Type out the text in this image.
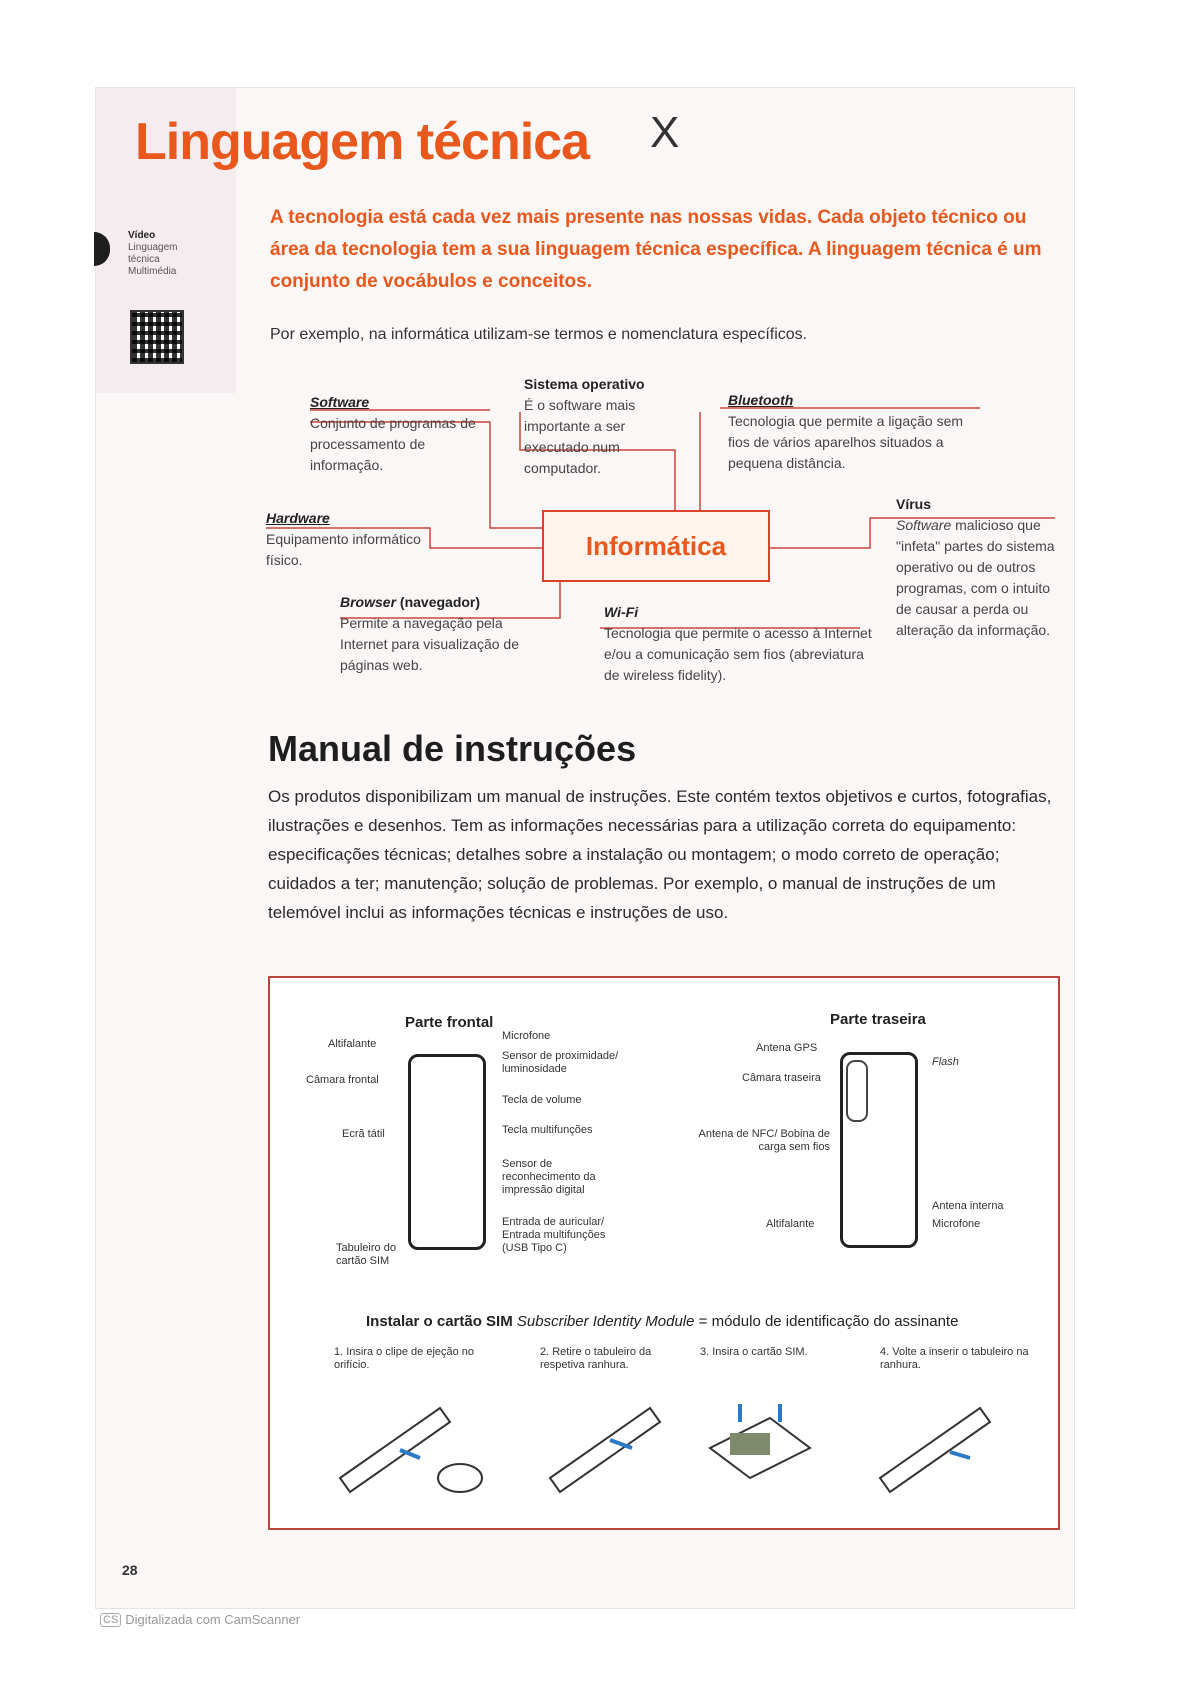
Linguagem técnica X
Vídeo
Linguagem
técnica
Multimédia
A tecnologia está cada vez mais presente nas nossas vidas. Cada objeto técnico ou área da tecnologia tem a sua linguagem técnica específica. A linguagem técnica é um conjunto de vocábulos e conceitos.
Por exemplo, na informática utilizam-se termos e nomenclatura específicos.
Software
Conjunto de programas de processamento de informação.
Sistema operativo
É o software mais importante a ser executado num computador.
Bluetooth
Tecnologia que permite a ligação sem fios de vários aparelhos situados a pequena distância.
Hardware
Equipamento informático físico.
Vírus
Software malicioso que "infeta" partes do sistema operativo ou de outros programas, com o intuito de causar a perda ou alteração da informação.
Informática
Browser (navegador)
Permite a navegação pela Internet para visualização de páginas web.
Wi-Fi
Tecnologia que permite o acesso à Internet e/ou a comunicação sem fios (abreviatura de wireless fidelity).
Manual de instruções
Os produtos disponibilizam um manual de instruções. Este contém textos objetivos e curtos, fotografias, ilustrações e desenhos. Tem as informações necessárias para a utilização correta do equipamento: especificações técnicas; detalhes sobre a instalação ou montagem; o modo correto de operação; cuidados a ter; manutenção; solução de problemas. Por exemplo, o manual de instruções de um telemóvel inclui as informações técnicas e instruções de uso.
Parte frontal	Parte traseira
Altifalante
Câmara frontal
Ecrã tátil
Tabuleiro do cartão SIM
Microfone
Sensor de proximidade/ luminosidade
Tecla de volume
Tecla multifunções
Sensor de reconhecimento da impressão digital
Entrada de auricular/ Entrada multifunções (USB Tipo C)
Antena GPS
Câmara traseira
Antena de NFC/ Bobina de carga sem fios
Altifalante
Flash
Antena interna
Microfone
Instalar o cartão SIM Subscriber Identity Module = módulo de identificação do assinante
1. Insira o clipe de ejeção no orifício.
2. Retire o tabuleiro da respetiva ranhura.
3. Insira o cartão SIM.	4. Volte a inserir o tabuleiro na ranhura.
28
CS Digitalizada com CamScanner
